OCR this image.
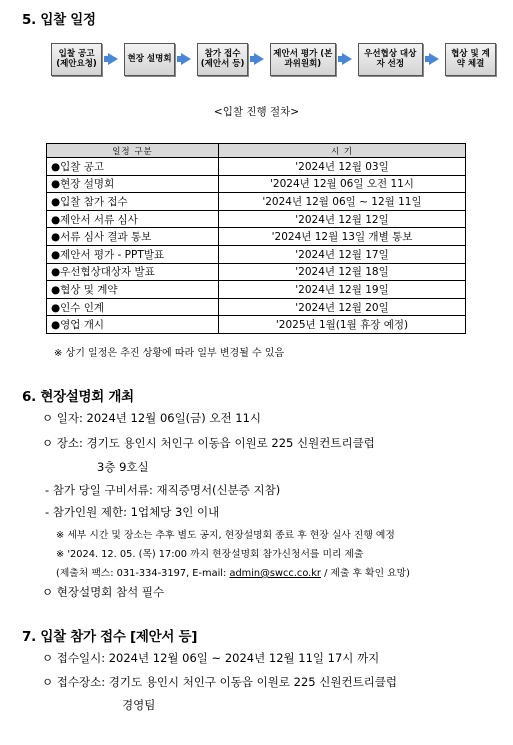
5. 입찰 일정
입찰 공고 (제안요청)	현장 설명회	참가 접수 (제안서 등)
제안서 평가 (본과위원회)
우선협상 대상자 선정
협상 및 계약 체결
<입찰 진행 절차>
일정 구분	시 기
●입찰 공고	'2024년 12월 03일
●현장 설명회	'2024년 12월 06일 오전 11시
●입찰 참가 접수	'2024년 12월 06일 ~ 12월 11일
●제안서 서류 심사	'2024년 12월 12일
●서류 심사 결과 통보	'2024년 12월 13일 개별 통보
●제안서 평가 - PPT발표	'2024년 12월 17일
●우선협상대상자 발표	'2024년 12월 18일
●협상 및 계약	'2024년 12월 19일
●인수 인계	'2024년 12월 20일
●영업 개시	'2025년 1월(1월 휴장 예정)
※ 상기 일정은 추진 상황에 따라 일부 변경될 수 있음
6. 현장설명회 개최
ㅇ 일자: 2024년 12월 06일(금) 오전 11시
ㅇ 장소: 경기도 용인시 처인구 이동읍 이원로 225 신원컨트리클럽
3층 9호실
- 참가 당일 구비서류: 재직증명서(신분증 지참)
- 참가인원 제한: 1업체당 3인 이내
※ 세부 시간 및 장소는 추후 별도 공지, 현장설명회 종료 후 현장 실사 진행 예정
※ '2024. 12. 05. (목) 17:00 까지 현장설명회 참가신청서를 미리 제출
(제출처 팩스: 031-334-3197, E-mail: admin@swcc.co.kr / 제출 후 확인 요망)
ㅇ 현장설명회 참석 필수
7. 입찰 참가 접수 [제안서 등]
ㅇ 접수일시: 2024년 12월 06일 ~ 2024년 12월 11일 17시 까지
ㅇ 접수장소: 경기도 용인시 처인구 이동읍 이원로 225 신원컨트리클럽
경영팀
